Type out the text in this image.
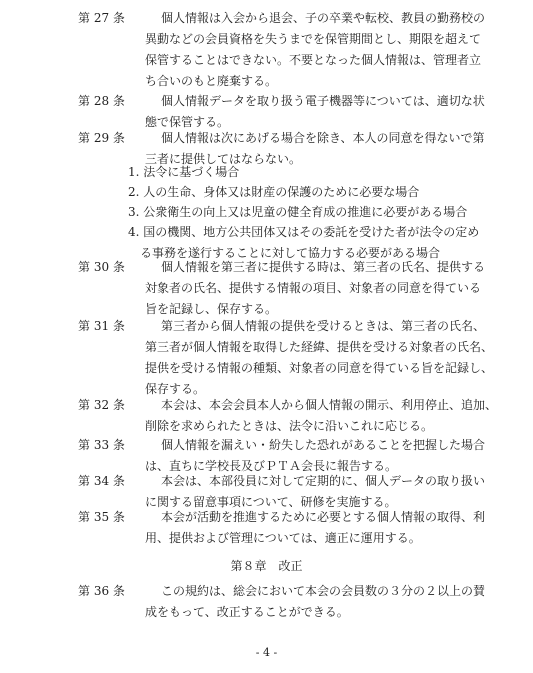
第 27 条	個人情報は入会から退会、子の卒業や転校、教員の勤務校の
異動などの会員資格を失うまでを保管期間とし、期限を超えて
保管することはできない。不要となった個人情報は、管理者立
ち合いのもと廃棄する。
第 28 条	個人情報データを取り扱う電子機器等については、適切な状
態で保管する。
第 29 条	個人情報は次にあげる場合を除き、本人の同意を得ないで第
三者に提供してはならない。
1. 法令に基づく場合
2. 人の生命、身体又は財産の保護のために必要な場合
3. 公衆衛生の向上又は児童の健全育成の推進に必要がある場合
4. 国の機関、地方公共団体又はその委託を受けた者が法令の定め
る事務を遂行することに対して協力する必要がある場合
第 30 条	個人情報を第三者に提供する時は、第三者の氏名、提供する
対象者の氏名、提供する情報の項目、対象者の同意を得ている
旨を記録し、保存する。
第 31 条	第三者から個人情報の提供を受けるときは、第三者の氏名、
第三者が個人情報を取得した経緯、提供を受ける対象者の氏名、
提供を受ける情報の種類、対象者の同意を得ている旨を記録し、
保存する。
第 32 条	本会は、本会会員本人から個人情報の開示、利用停止、追加、
削除を求められたときは、法令に沿いこれに応じる。
第 33 条	個人情報を漏えい・紛失した恐れがあることを把握した場合
は、直ちに学校長及びＰＴＡ会長に報告する。
第 34 条	本会は、本部役員に対して定期的に、個人データの取り扱い
に関する留意事項について、研修を実施する。
第 35 条	本会が活動を推進するために必要とする個人情報の取得、利
用、提供および管理については、適正に運用する。
第８章　改正
第 36 条	この規約は、総会において本会の会員数の３分の２以上の賛
成をもって、改正することができる。
- 4 -
